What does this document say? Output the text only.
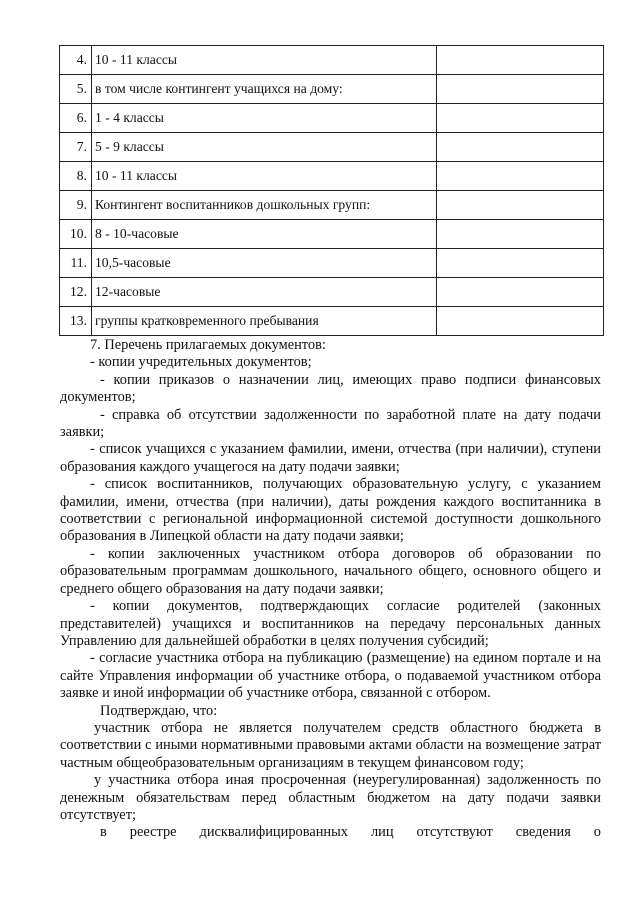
4.	10 - 11 классы	
5.	в том числе контингент учащихся на дому:	
6.	1 - 4 классы	
7.	5 - 9 классы	
8.	10 - 11 классы	
9.	Контингент воспитанников дошкольных групп:	
10.	8 - 10-часовые	
11.	10,5-часовые	
12.	12-часовые	
13.	группы кратковременного пребывания	

7. Перечень прилагаемых документов:

- копии учредительных документов;

- копии приказов о назначении лиц, имеющих право подписи финансовых документов;

- справка об отсутствии задолженности по заработной плате на дату подачи заявки;

- список учащихся с указанием фамилии, имени, отчества (при наличии), ступени образования каждого учащегося на дату подачи заявки;

- список воспитанников, получающих образовательную услугу, с указанием фамилии, имени, отчества (при наличии), даты рождения каждого воспитанника в соответствии с региональной информационной системой доступности дошкольного образования в Липецкой области на дату подачи заявки;

- копии заключенных участником отбора договоров об образовании по образовательным программам дошкольного, начального общего, основного общего и среднего общего образования на дату подачи заявки;

- копии документов, подтверждающих согласие родителей (законных представителей) учащихся и воспитанников на передачу персональных данных Управлению для дальнейшей обработки в целях получения субсидий;

- согласие участника отбора на публикацию (размещение) на едином портале и на сайте Управления информации об участнике отбора, о подаваемой участником отбора заявке и иной информации об участнике отбора, связанной с отбором.

Подтверждаю, что:

участник отбора не является получателем средств областного бюджета в соответствии с иными нормативными правовыми актами области на возмещение затрат частным общеобразовательным организациям в текущем финансовом году;

у участника отбора иная просроченная (неурегулированная) задолженность по денежным обязательствам перед областным бюджетом на дату подачи заявки отсутствует;

в реестре дисквалифицированных лиц отсутствуют сведения о
